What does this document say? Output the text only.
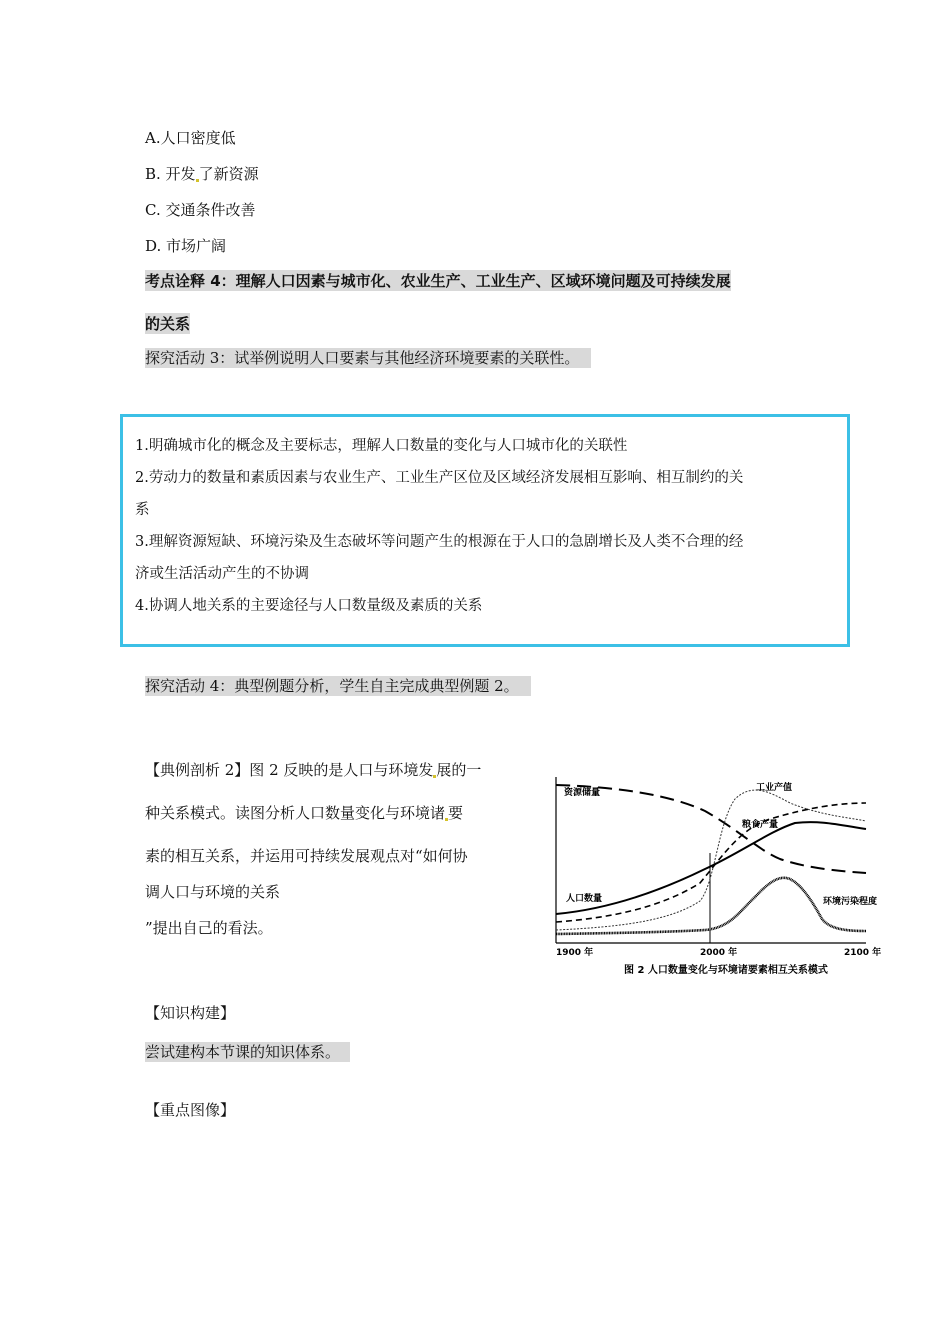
A.人口密度低
B. 开发 了新资源
C. 交通条件改善
D. 市场广阔
考点诠释 4：理解人口因素与城市化、农业生产、工业生产、区域环境问题及可持续发展
的关系
探究活动 3：试举例说明人口要素与其他经济环境要素的关联性。

1.明确城市化的概念及主要标志，理解人口数量的变化与人口城市化的关联性

2.劳动力的数量和素质因素与农业生产、工业生产区位及区域经济发展相互影响、相互制约的关

系

3.理解资源短缺、环境污染及生态破坏等问题产生的根源在于人口的急剧增长及人类不合理的经

济或生活活动产生的不协调

4.协调人地关系的主要途径与人口数量级及素质的关系

探究活动 4：典型例题分析，学生自主完成典型例题 2。
【典例剖析 2】图 2 反映的是人口与环境发 展的一
种关系模式。读图分析人口数量变化与环境诸 要
素的相互关系，并运用可持续发展观点对“如何协
调人口与环境的关系
”提出自己的看法。
资源储量	工业产值
粮食产量
人口数量	环境污染程度
1900 年	2000 年	2100 年
图 2 人口数量变化与环境诸要素相互关系模式
【知识构建】
尝试建构本节课的知识体系。
【重点图像】
